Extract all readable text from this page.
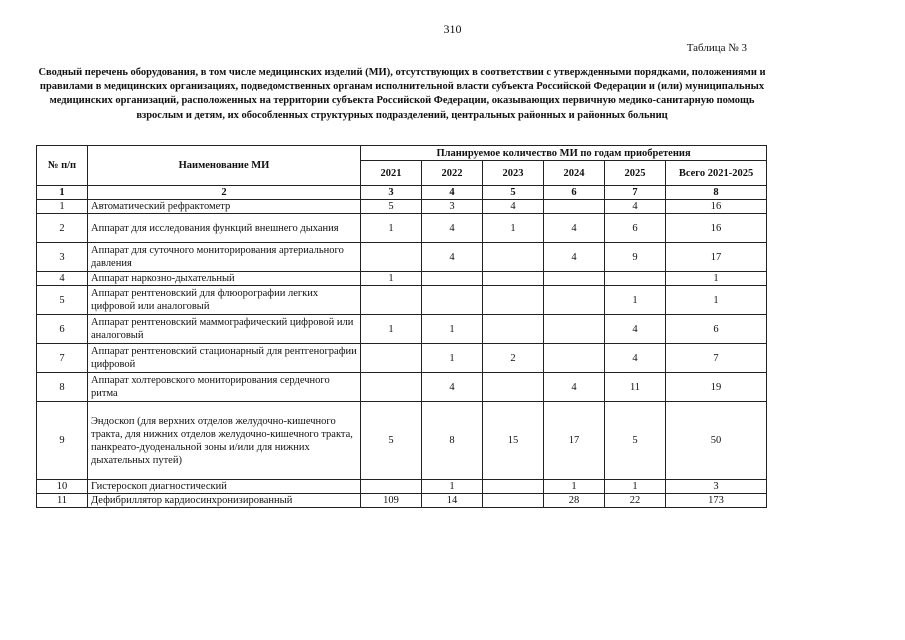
310
Таблица № 3
Сводный перечень оборудования, в том числе медицинских изделий (МИ), отсутствующих в соответствии с утвержденными порядками, положениями и правилами в медицинских организациях, подведомственных органам исполнительной власти субъекта Российской Федерации и (или) муниципальных медицинских организаций, расположенных на территории субъекта Российской Федерации, оказывающих первичную медико-санитарную помощь взрослым и детям, их обособленных структурных подразделений, центральных районных и районных больниц
№ п/п	Наименование МИ	Планируемое количество МИ по годам приобретения					
		2021	2022	2023	2024	2025	Всего 2021-2025
1	2	3	4	5	6	7	8
1	Автоматический рефрактометр	5	3	4		4	16
2	Аппарат для исследования функций внешнего дыхания	1	4	1	4	6	16
3	Аппарат для суточного мониторирования артериального давления		4		4	9	17
4	Аппарат наркозно-дыхательный	1					1
5	Аппарат рентгеновский для флюорографии легких цифровой или аналоговый					1	1
6	Аппарат рентгеновский маммографический цифровой или аналоговый	1	1			4	6
7	Аппарат рентгеновский стационарный для рентгенографии цифровой		1	2		4	7
8	Аппарат холтеровского мониторирования сердечного ритма		4		4	11	19
9	Эндоскоп (для верхних отделов желудочно-кишечного тракта, для нижних отделов желудочно-кишечного тракта, панкреато-дуоденальной зоны и/или для нижних дыхательных путей)	5	8	15	17	5	50
10	Гистероскоп диагностический		1		1	1	3
11	Дефибриллятор кардиосинхронизированный	109	14		28	22	173
